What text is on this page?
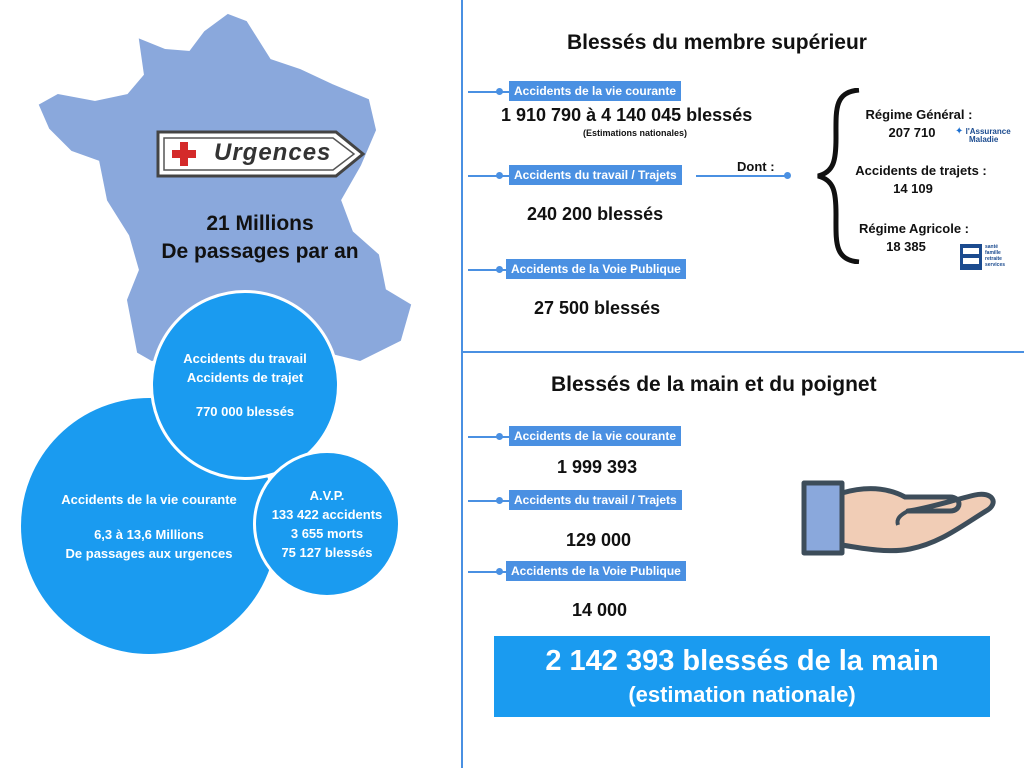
Urgences
21 Millions
De passages par an
Accidents de la vie courante
6,3 à 13,6 Millions
De passages aux urgences
Accidents du travail
Accidents de trajet
770 000 blessés
A.V.P.
133 422 accidents
3 655 morts
75 127 blessés
Blessés du membre supérieur
Accidents de la vie courante
1 910 790 à 4 140 045 blessés
(Estimations nationales)
Accidents du travail / Trajets
Dont :
240 200 blessés
Accidents de la Voie Publique
27 500 blessés
Régime Général :
207 710	✦ l'Assurance
Maladie
Accidents de trajets :
14 109
Régime Agricole :
18 385	santé
famille
retraite
services
Blessés de la main et du poignet
Accidents de la vie courante
1 999 393
Accidents du travail / Trajets
129 000
Accidents de la Voie Publique
14 000
2 142 393 blessés de la main
(estimation nationale)
